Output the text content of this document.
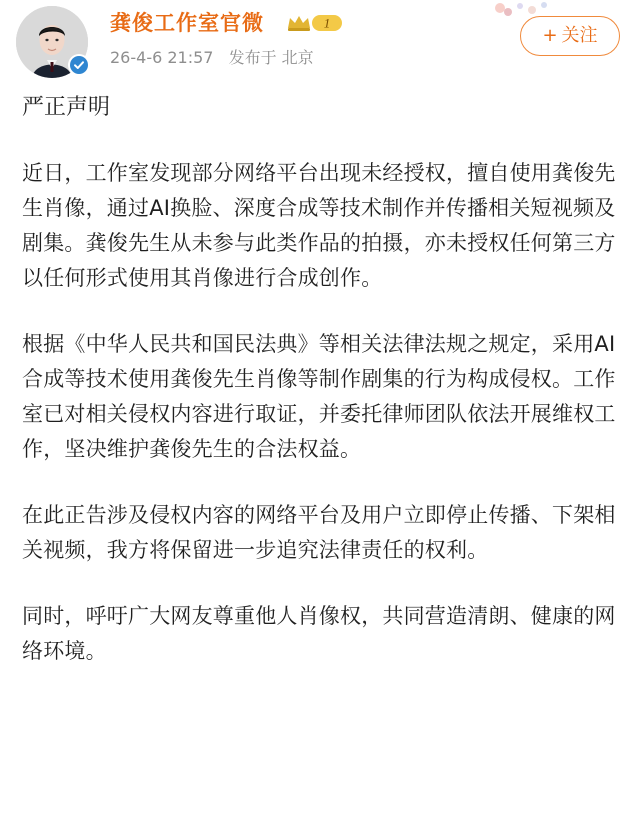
龚俊工作室官微	1
26-4-6 21:57 发布于 北京
+ 关注
严正声明
近日，工作室发现部分网络平台出现未经授权，擅自使用龚俊先生肖像，通过AI换脸、深度合成等技术制作并传播相关短视频及剧集。龚俊先生从未参与此类作品的拍摄，亦未授权任何第三方以任何形式使用其肖像进行合成创作。
根据《中华人民共和国民法典》等相关法律法规之规定，采用AI合成等技术使用龚俊先生肖像等制作剧集的行为构成侵权。工作室已对相关侵权内容进行取证，并委托律师团队依法开展维权工作，坚决维护龚俊先生的合法权益。
在此正告涉及侵权内容的网络平台及用户立即停止传播、下架相关视频，我方将保留进一步追究法律责任的权利。
同时，呼吁广大网友尊重他人肖像权，共同营造清朗、健康的网络环境。
